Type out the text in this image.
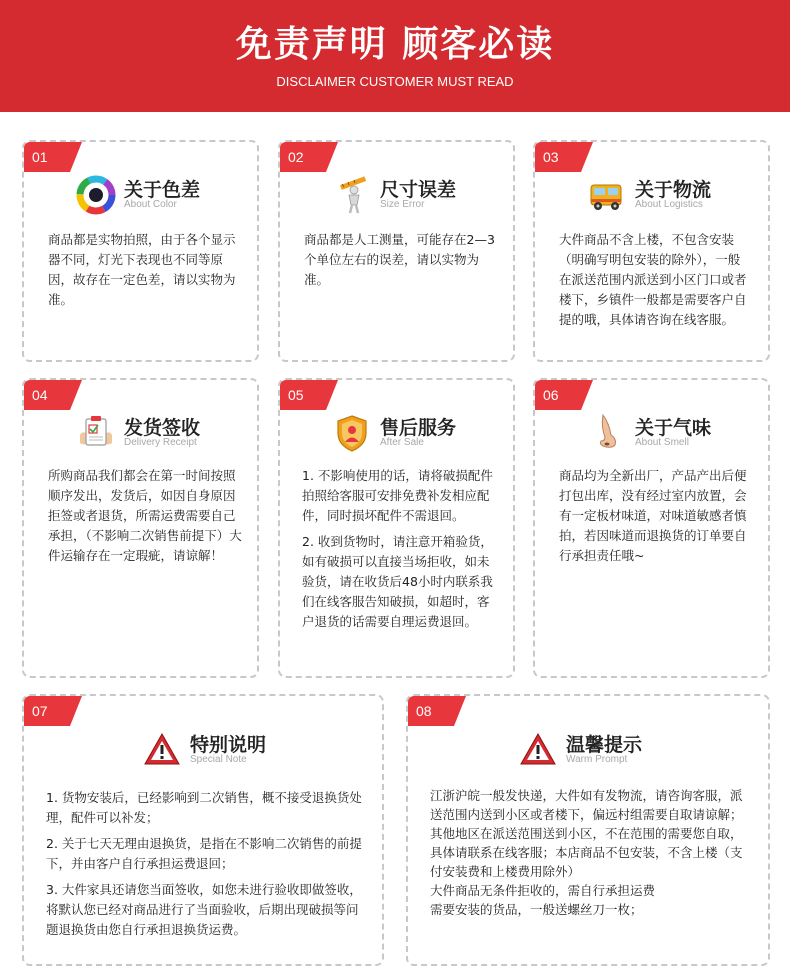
免责声明 顾客必读
DISCLAIMER CUSTOMER MUST READ
01
关于色差
About Color

商品都是实物拍照，由于各个显示器不同，灯光下表现也不同等原因，故存在一定色差，请以实物为准。

02
尺寸误差
Size Error

商品都是人工测量，可能存在2—3个单位左右的误差，请以实物为准。

03
关于物流
About Logistics

大件商品不含上楼，不包含安装（明确写明包安装的除外），一般在派送范围内派送到小区门口或者楼下，乡镇件一般都是需要客户自提的哦，具体请咨询在线客服。

04
发货签收
Delivery Receipt

所购商品我们都会在第一时间按照顺序发出，发货后，如因自身原因拒签或者退货，所需运费需要自己承担，（不影响二次销售前提下）大件运输存在一定瑕疵，请谅解！

05
售后服务
After Sale

1. 不影响使用的话，请将破损配件拍照给客服可安排免费补发相应配件，同时损坏配件不需退回。

2. 收到货物时，请注意开箱验货，如有破损可以直接当场拒收，如未验货，请在收货后48小时内联系我们在线客服告知破损，如超时，客户退货的话需要自理运费退回。

06
关于气味
About Smell

商品均为全新出厂，产品产出后便打包出库，没有经过室内放置，会有一定板材味道，对味道敏感者慎拍，若因味道而退换货的订单要自行承担责任哦~

07
特别说明
Special Note

1. 货物安装后，已经影响到二次销售，概不接受退换货处理，配件可以补发；

2. 关于七天无理由退换货，是指在不影响二次销售的前提下，并由客户自行承担运费退回；

3. 大件家具还请您当面签收，如您未进行验收即做签收，将默认您已经对商品进行了当面验收，后期出现破损等问题退换货由您自行承担退换货运费。

08
温馨提示
Warm Prompt

江浙沪皖一般发快递，大件如有发物流，请咨询客服，派送范围内送到小区或者楼下，偏远村组需要自取请谅解；其他地区在派送范围送到小区，不在范围的需要您自取，具体请联系在线客服；本店商品不包安装，不含上楼（支付安装费和上楼费用除外）

大件商品无条件拒收的，需自行承担运费

需要安装的货品，一般送螺丝刀一枚；
